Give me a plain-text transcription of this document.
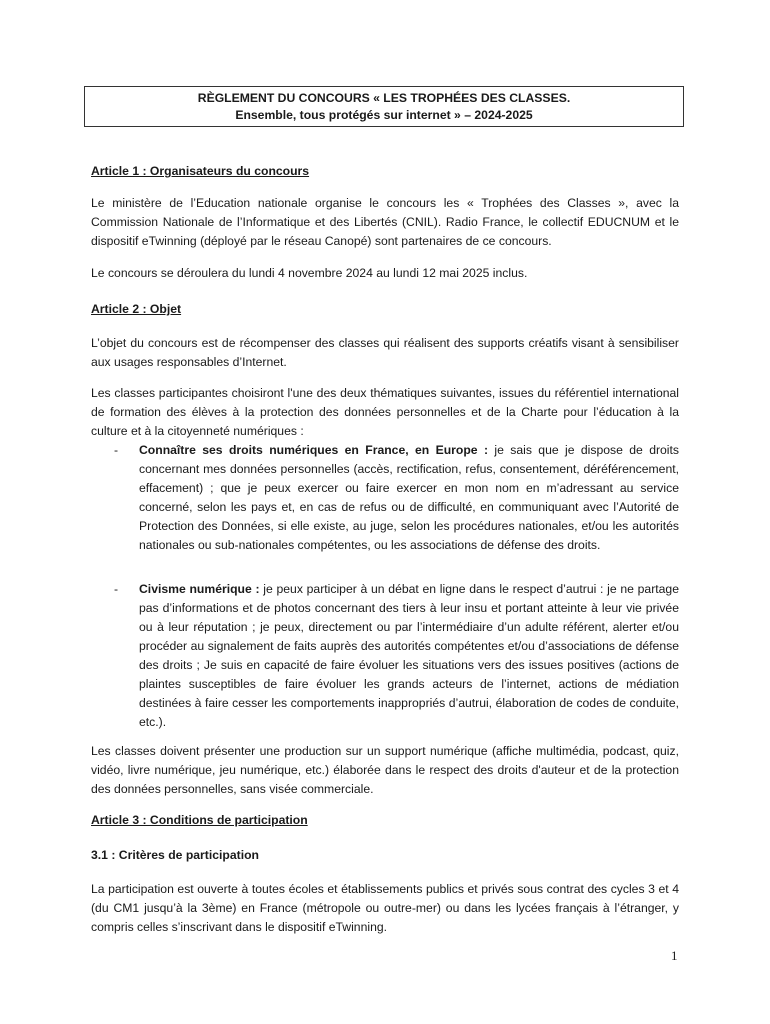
RÈGLEMENT DU CONCOURS « LES TROPHÉES DES CLASSES.
Ensemble, tous protégés sur internet » – 2024-2025
Article 1 : Organisateurs du concours

Le ministère de l’Education nationale organise le concours les « Trophées des Classes », avec la Commission Nationale de l’Informatique et des Libertés (CNIL). Radio France, le collectif EDUCNUM et le dispositif eTwinning (déployé par le réseau Canopé) sont partenaires de ce concours.

Le concours se déroulera du lundi 4 novembre 2024 au lundi 12 mai 2025 inclus.

Article 2 : Objet

L’objet du concours est de récompenser des classes qui réalisent des supports créatifs visant à sensibiliser aux usages responsables d’Internet.

Les classes participantes choisiront l'une des deux thématiques suivantes, issues du référentiel international de formation des élèves à la protection des données personnelles et de la Charte pour l’éducation à la culture et à la citoyenneté numériques :

- Connaître ses droits numériques en France, en Europe : je sais que je dispose de droits concernant mes données personnelles (accès, rectification, refus, consentement, déréférencement, effacement) ; que je peux exercer ou faire exercer en mon nom en m’adressant au service concerné, selon les pays et, en cas de refus ou de difficulté, en communiquant avec l’Autorité de Protection des Données, si elle existe, au juge, selon les procédures nationales, et/ou les autorités nationales ou sub-nationales compétentes, ou les associations de défense des droits.

- Civisme numérique : je peux participer à un débat en ligne dans le respect d’autrui : je ne partage pas d’informations et de photos concernant des tiers à leur insu et portant atteinte à leur vie privée ou à leur réputation ; je peux, directement ou par l’intermédiaire d’un adulte référent, alerter et/ou procéder au signalement de faits auprès des autorités compétentes et/ou d’associations de défense des droits ; Je suis en capacité de faire évoluer les situations vers des issues positives (actions de plaintes susceptibles de faire évoluer les grands acteurs de l’internet, actions de médiation destinées à faire cesser les comportements inappropriés d’autrui, élaboration de codes de conduite, etc.).

Les classes doivent présenter une production sur un support numérique (affiche multimédia, podcast, quiz, vidéo, livre numérique, jeu numérique, etc.) élaborée dans le respect des droits d'auteur et de la protection des données personnelles, sans visée commerciale.

Article 3 : Conditions de participation
3.1 : Critères de participation

La participation est ouverte à toutes écoles et établissements publics et privés sous contrat des cycles 3 et 4 (du CM1 jusqu’à la 3ème) en France (métropole ou outre-mer) ou dans les lycées français à l’étranger, y compris celles s’inscrivant dans le dispositif eTwinning.

1
